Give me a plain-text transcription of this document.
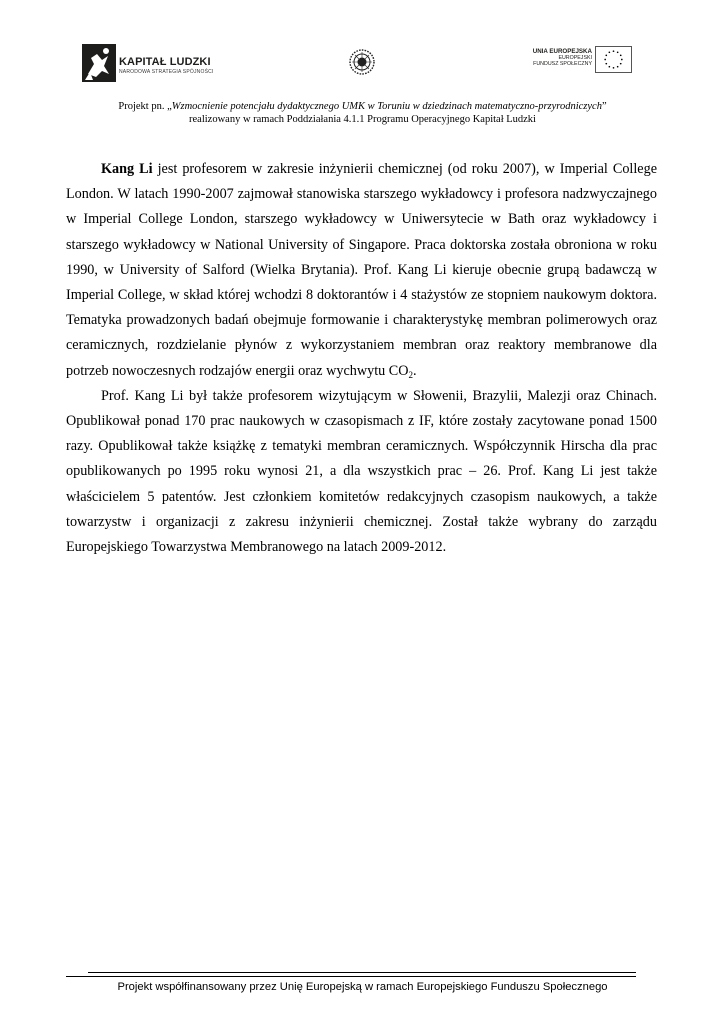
KAPITAŁ LUDZKI
NARODOWA STRATEGIA SPÓJNOŚCI
UNIA EUROPEJSKA
EUROPEJSKI
FUNDUSZ SPOŁECZNY
Projekt pn. „Wzmocnienie potencjału dydaktycznego UMK w Toruniu w dziedzinach matematyczno-przyrodniczych”
realizowany w ramach Poddziałania 4.1.1 Programu Operacyjnego Kapitał Ludzki

Kang Li jest profesorem w zakresie inżynierii chemicznej (od roku 2007), w Imperial College London. W latach 1990-2007 zajmował stanowiska starszego wykładowcy i profesora nadzwyczajnego w Imperial College London, starszego wykładowcy w Uniwersytecie w Bath oraz wykładowcy i starszego wykładowcy w National University of Singapore. Praca doktorska została obroniona w roku 1990, w University of Salford (Wielka Brytania). Prof. Kang Li kieruje obecnie grupą badawczą w Imperial College, w skład której wchodzi 8 doktorantów i 4 stażystów ze stopniem naukowym doktora. Tematyka prowadzonych badań obejmuje formowanie i charakterystykę membran polimerowych oraz ceramicznych, rozdzielanie płynów z wykorzystaniem membran oraz reaktory membranowe dla potrzeb nowoczesnych rodzajów energii oraz wychwytu $CO_2$.

Prof. Kang Li był także profesorem wizytującym w Słowenii, Brazylii, Malezji oraz Chinach. Opublikował ponad 170 prac naukowych w czasopismach z IF, które zostały zacytowane ponad 1500 razy. Opublikował także książkę z tematyki membran ceramicznych. Współczynnik Hirscha dla prac opublikowanych po 1995 roku wynosi 21, a dla wszystkich prac – 26. Prof. Kang Li jest także właścicielem 5 patentów. Jest członkiem komitetów redakcyjnych czasopism naukowych, a także towarzystw i organizacji z zakresu inżynierii chemicznej. Został także wybrany do zarządu Europejskiego Towarzystwa Membranowego na latach 2009-2012.

Projekt współfinansowany przez Unię Europejską w ramach Europejskiego Funduszu Społecznego
